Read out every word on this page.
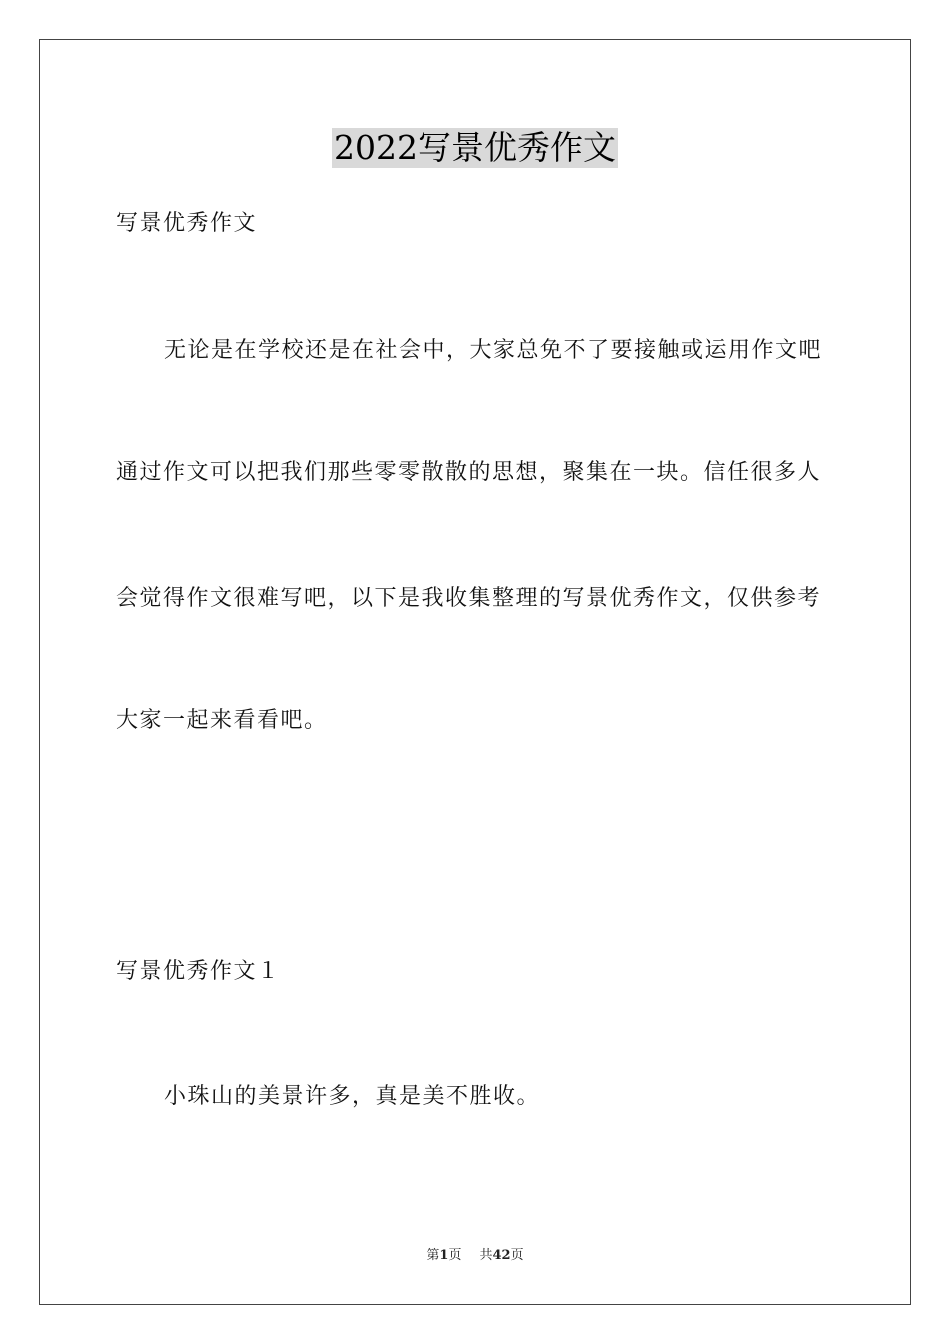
2022写景优秀作文
写景优秀作文
无论是在学校还是在社会中，大家总免不了要接触或运用作文吧
通过作文可以把我们那些零零散散的思想，聚集在一块。信任很多人
会觉得作文很难写吧，以下是我收集整理的写景优秀作文，仅供参考
大家一起来看看吧。
写景优秀作文１
小珠山的美景许多，真是美不胜收。
第1页 共42页
